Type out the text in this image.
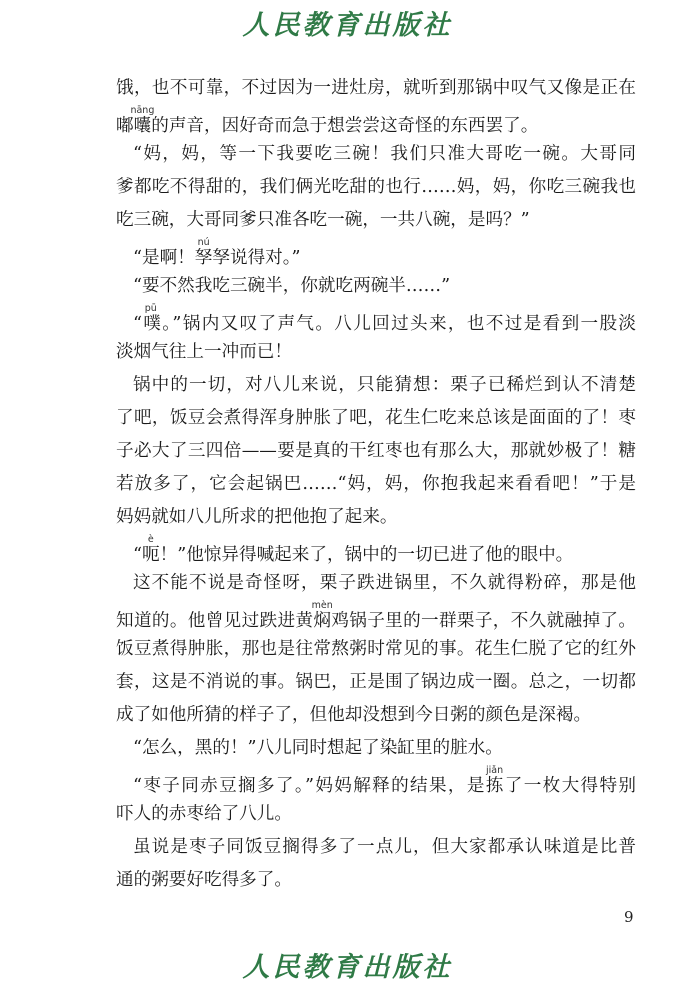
人民教育出版社
饿，也不可靠，不过因为一进灶房，就听到那锅中叹气又像是正在
嘟囔nāng的声音，因好奇而急于想尝尝这奇怪的东西罢了。
“妈，妈，等一下我要吃三碗！我们只准大哥吃一碗。大哥同
爹都吃不得甜的，我们俩光吃甜的也行……妈，妈，你吃三碗我也
吃三碗，大哥同爹只准各吃一碗，一共八碗，是吗？”
“是啊！孥nú孥说得对。”
“要不然我吃三碗半，你就吃两碗半……”
“噗pū。”锅内又叹了声气。八儿回过头来，也不过是看到一股淡
淡烟气往上一冲而已！
锅中的一切，对八儿来说，只能猜想：栗子已稀烂到认不清楚
了吧，饭豆会煮得浑身肿胀了吧，花生仁吃来总该是面面的了！枣
子必大了三四倍——要是真的干红枣也有那么大，那就妙极了！糖
若放多了，它会起锅巴……“妈，妈，你抱我起来看看吧！”于是
妈妈就如八儿所求的把他抱了起来。
“呃è！”他惊异得喊起来了，锅中的一切已进了他的眼中。
这不能不说是奇怪呀，栗子跌进锅里，不久就得粉碎，那是他
知道的。他曾见过跌进黄焖mèn鸡锅子里的一群栗子，不久就融掉了。
饭豆煮得肿胀，那也是往常熬粥时常见的事。花生仁脱了它的红外
套，这是不消说的事。锅巴，正是围了锅边成一圈。总之，一切都
成了如他所猜的样子了，但他却没想到今日粥的颜色是深褐。
“怎么，黑的！”八儿同时想起了染缸里的脏水。
“枣子同赤豆搁多了。”妈妈解释的结果，是拣jiǎn了一枚大得特别
吓人的赤枣给了八儿。
虽说是枣子同饭豆搁得多了一点儿，但大家都承认味道是比普
通的粥要好吃得多了。
9
人民教育出版社
